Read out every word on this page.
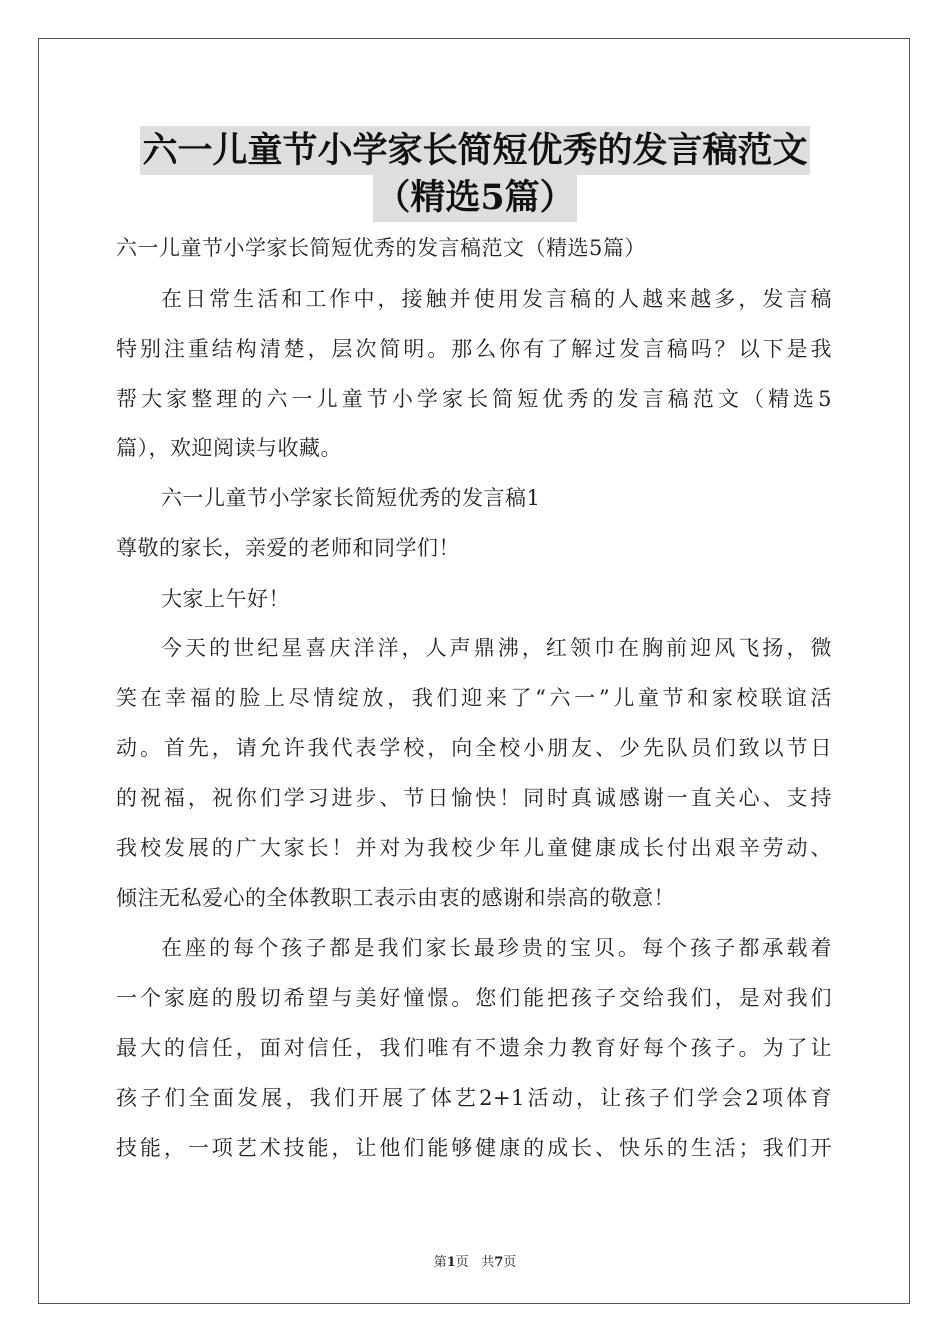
六一儿童节小学家长简短优秀的发言稿范文
（精选5篇）
六一儿童节小学家长简短优秀的发言稿范文（精选5篇）
在日常生活和工作中，接触并使用发言稿的人越来越多，发言稿
特别注重结构清楚，层次简明。那么你有了解过发言稿吗？以下是我
帮大家整理的六一儿童节小学家长简短优秀的发言稿范文（精选5
篇），欢迎阅读与收藏。
六一儿童节小学家长简短优秀的发言稿1
尊敬的家长，亲爱的老师和同学们！
大家上午好！
今天的世纪星喜庆洋洋，人声鼎沸，红领巾在胸前迎风飞扬，微
笑在幸福的脸上尽情绽放，我们迎来了“六一”儿童节和家校联谊活
动。首先，请允许我代表学校，向全校小朋友、少先队员们致以节日
的祝福，祝你们学习进步、节日愉快！同时真诚感谢一直关心、支持
我校发展的广大家长！并对为我校少年儿童健康成长付出艰辛劳动、
倾注无私爱心的全体教职工表示由衷的感谢和崇高的敬意！
在座的每个孩子都是我们家长最珍贵的宝贝。每个孩子都承载着
一个家庭的殷切希望与美好憧憬。您们能把孩子交给我们，是对我们
最大的信任，面对信任，我们唯有不遗余力教育好每个孩子。为了让
孩子们全面发展，我们开展了体艺2+1活动，让孩子们学会2项体育
技能，一项艺术技能，让他们能够健康的成长、快乐的生活；我们开
第1页 共7页
